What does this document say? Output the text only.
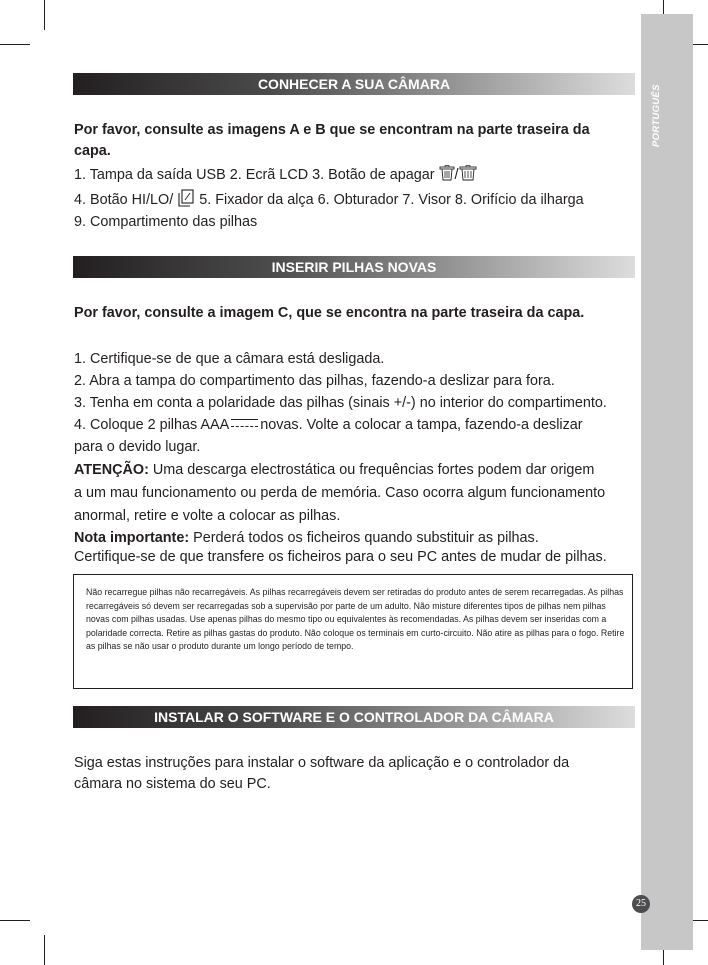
PORTUGUÊS
25
CONHECER A SUA CÂMARA
Por favor, consulte as imagens A e B que se encontram na parte traseira da
capa.
1. Tampa da saída USB 2. Ecrã LCD 3. Botão de apagar /
4. Botão HI/LO/  5. Fixador da alça 6. Obturador 7. Visor 8. Orifício da ilharga
9. Compartimento das pilhas
INSERIR PILHAS NOVAS
Por favor, consulte a imagem C, que se encontra na parte traseira da capa.
1. Certifique-se de que a câmara está desligada.
2. Abra a tampa do compartimento das pilhas, fazendo-a deslizar para fora.
3. Tenha em conta a polaridade das pilhas (sinais +/-) no interior do compartimento.
4. Coloque 2 pilhas AAA novas. Volte a colocar a tampa, fazendo-a deslizar
para o devido lugar.
ATENÇÃO: Uma descarga electrostática ou frequências fortes podem dar origem
a um mau funcionamento ou perda de memória. Caso ocorra algum funcionamento
anormal, retire e volte a colocar as pilhas.
Nota importante: Perderá todos os ficheiros quando substituir as pilhas.
Certifique-se de que transfere os ficheiros para o seu PC antes de mudar de pilhas.
Não recarregue pilhas não recarregáveis. As pilhas recarregáveis devem ser retiradas do produto antes de serem recarregadas. As pilhas recarregáveis só devem ser recarregadas sob a supervisão por parte de um adulto. Não misture diferentes tipos de pilhas nem pilhas novas com pilhas usadas. Use apenas pilhas do mesmo tipo ou equivalentes às recomendadas. As pilhas devem ser inseridas com a polaridade correcta. Retire as pilhas gastas do produto. Não coloque os terminais em curto-circuito. Não atire as pilhas para o fogo. Retire as pilhas se não usar o produto durante um longo período de tempo.
INSTALAR O SOFTWARE E O CONTROLADOR DA CÂMARA
Siga estas instruções para instalar o software da aplicação e o controlador da
câmara no sistema do seu PC.
